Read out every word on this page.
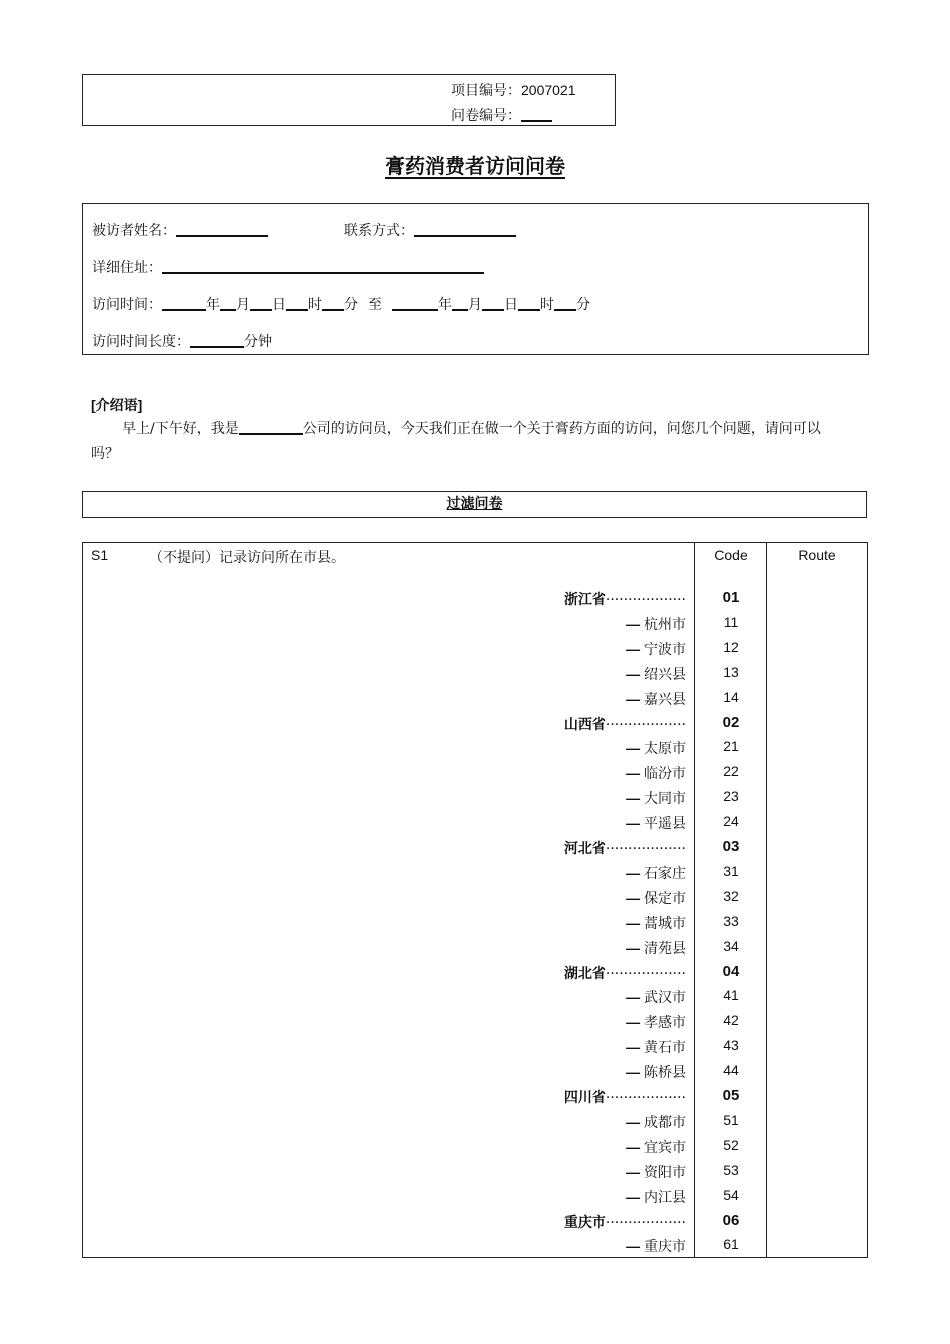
项目编号：2007021
问卷编号：
膏药消费者访问问卷
被访者姓名：	联系方式：
详细住址：
访问时间：	年 月 日 时 分 至	年 月 日 时 分
访问时间长度：	分钟
[介绍语]
早上/下午好，我是	公司的访问员，今天我们正在做一个关于膏药方面的访问，问您几个问题，请问可以吗？
过滤问卷
S1	（不提问）记录访问所在市县。	Code	Route
浙江省··················	01
— 杭州市	11
— 宁波市	12
— 绍兴县	13
— 嘉兴县	14
山西省··················	02
— 太原市	21
— 临汾市	22
— 大同市	23
— 平遥县	24
河北省··················	03
— 石家庄	31
— 保定市	32
— 蒿城市	33
— 清苑县	34
湖北省··················	04
— 武汉市	41
— 孝感市	42
— 黄石市	43
— 陈桥县	44
四川省··················	05
— 成都市	51
— 宜宾市	52
— 资阳市	53
— 内江县	54
重庆市··················	06
— 重庆市	61
